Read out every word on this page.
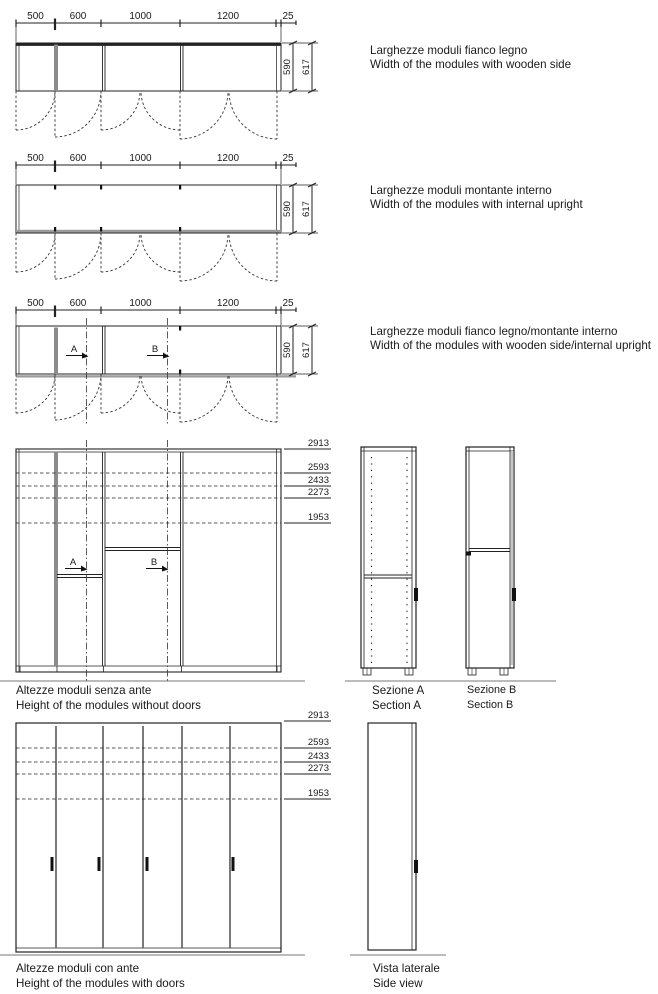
500	600	1000	1200	25
590 617
Larghezze moduli fianco legno
Width of the modules with wooden side
500	600	1000	1200	25
590 617
Larghezze moduli montante interno
Width of the modules with internal upright
500	600	1000	1200	25
A	B	590 617
Larghezze moduli fianco legno/montante interno
Width of the modules with wooden side/internal upright
A	B
2913
2593
2433
2273
1953
Altezze moduli senza ante
Height of the modules without doors
Sezione A
Section A
Sezione B
Section B
2913
2593
2433
2273
1953
Altezze moduli con ante
Height of the modules with doors
Vista laterale
Side view
